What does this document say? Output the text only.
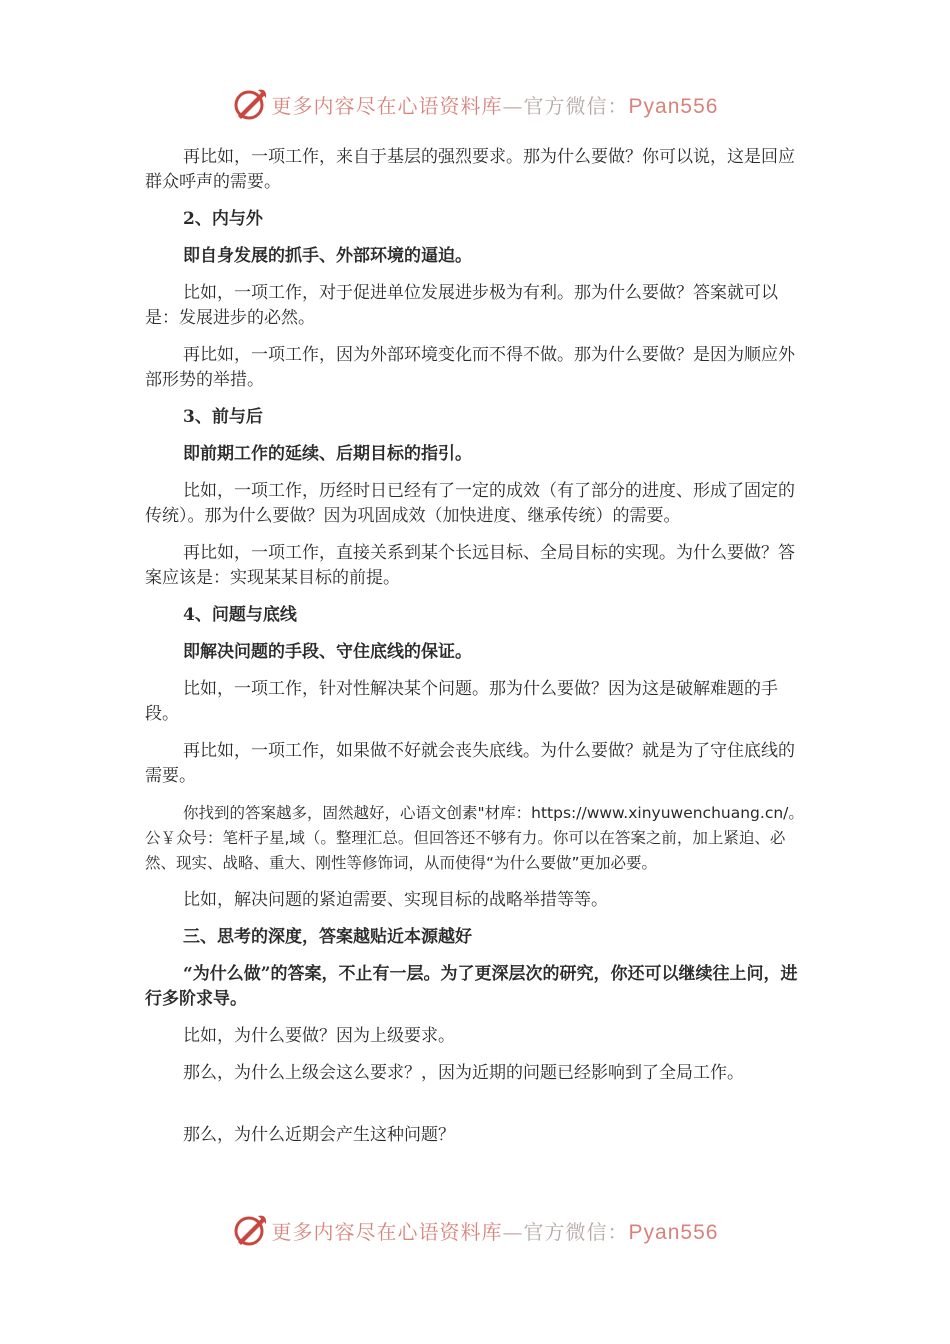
更多内容尽在心语资料库—官方微信：Pyan556

再比如，一项工作，来自于基层的强烈要求。那为什么要做？你可以说，这是回应群众呼声的需要。

2、内与外

即自身发展的抓手、外部环境的逼迫。

比如，一项工作，对于促进单位发展进步极为有利。那为什么要做？答案就可以是：发展进步的必然。

再比如，一项工作，因为外部环境变化而不得不做。那为什么要做？是因为顺应外部形势的举措。

3、前与后

即前期工作的延续、后期目标的指引。

比如，一项工作，历经时日已经有了一定的成效（有了部分的进度、形成了固定的传统）。那为什么要做？因为巩固成效（加快进度、继承传统）的需要。

再比如，一项工作，直接关系到某个长远目标、全局目标的实现。为什么要做？答案应该是：实现某某目标的前提。

4、问题与底线

即解决问题的手段、守住底线的保证。

比如，一项工作，针对性解决某个问题。那为什么要做？因为这是破解难题的手段。

再比如，一项工作，如果做不好就会丧失底线。为什么要做？就是为了守住底线的需要。

你找到的答案越多，固然越好，心语文创素"材库：https://www.xinyuwenchuang.cn/。公￥众号：笔杆子星,域（。整理汇总。但回答还不够有力。你可以在答案之前，加上紧迫、必然、现实、战略、重大、刚性等修饰词，从而使得“为什么要做”更加必要。

比如，解决问题的紧迫需要、实现目标的战略举措等等。

三、思考的深度，答案越贴近本源越好

“为什么做”的答案，不止有一层。为了更深层次的研究，你还可以继续往上问，进行多阶求导。

比如，为什么要做？因为上级要求。

那么，为什么上级会这么要求？，因为近期的问题已经影响到了全局工作。

那么，为什么近期会产生这种问题？

更多内容尽在心语资料库—官方微信：Pyan556
